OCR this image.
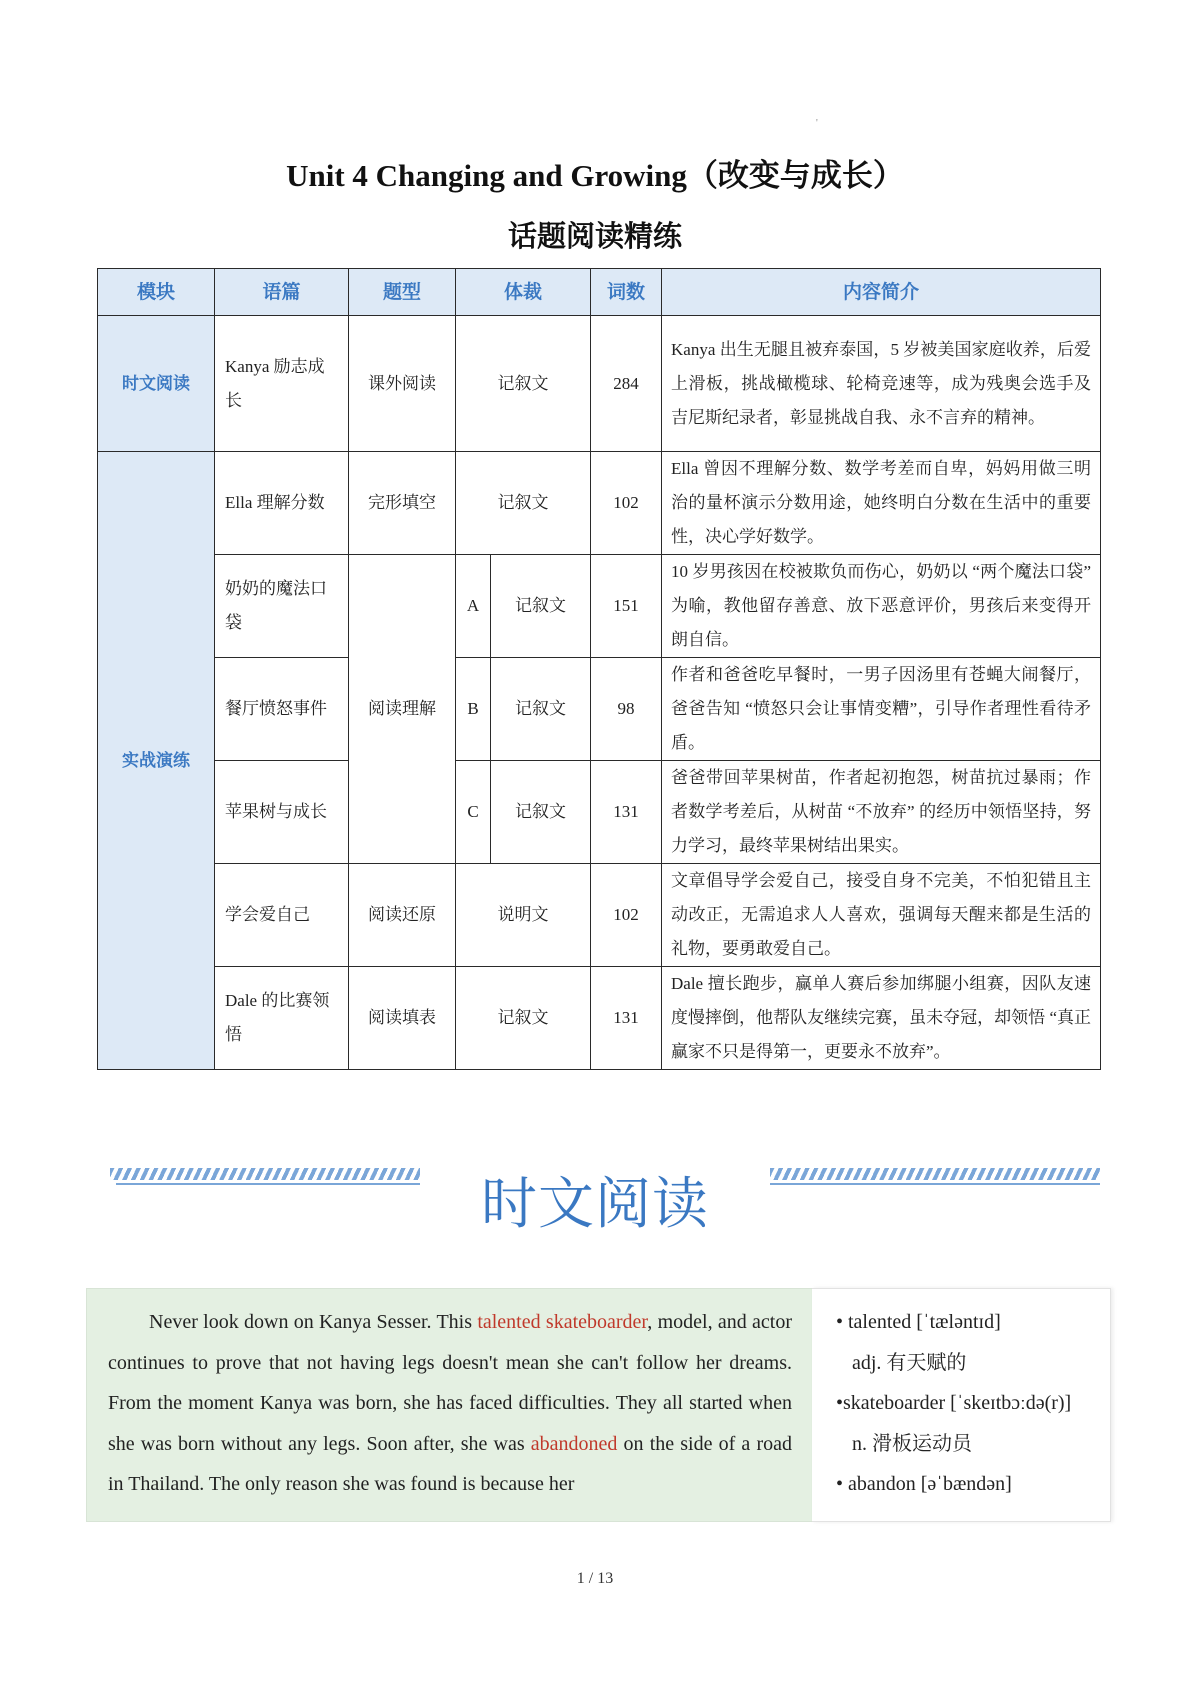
'
Unit 4 Changing and Growing（改变与成长）
话题阅读精练
模块	语篇	题型	体裁		词数	内容简介
时文阅读	Kanya 励志成长	课外阅读	记叙文		284	Kanya 出生无腿且被弃泰国，5 岁被美国家庭收养，后爱上滑板，挑战橄榄球、轮椅竞速等，成为残奥会选手及吉尼斯纪录者，彰显挑战自我、永不言弃的精神。
实战演练	Ella 理解分数	完形填空	记叙文		102	Ella 曾因不理解分数、数学考差而自卑，妈妈用做三明治的量杯演示分数用途，她终明白分数在生活中的重要性，决心学好数学。
	奶奶的魔法口袋	阅读理解	A	记叙文	151	10 岁男孩因在校被欺负而伤心，奶奶以 “两个魔法口袋” 为喻，教他留存善意、放下恶意评价，男孩后来变得开朗自信。
	餐厅愤怒事件		B	记叙文	98	作者和爸爸吃早餐时，一男子因汤里有苍蝇大闹餐厅，爸爸告知 “愤怒只会让事情变糟”，引导作者理性看待矛盾。
	苹果树与成长		C	记叙文	131	爸爸带回苹果树苗，作者起初抱怨，树苗抗过暴雨；作者数学考差后，从树苗 “不放弃” 的经历中领悟坚持，努力学习，最终苹果树结出果实。
	学会爱自己	阅读还原	说明文		102	文章倡导学会爱自己，接受自身不完美，不怕犯错且主动改正，无需追求人人喜欢，强调每天醒来都是生活的礼物，要勇敢爱自己。
	Dale 的比赛领悟	阅读填表	记叙文		131	Dale 擅长跑步，赢单人赛后参加绑腿小组赛，因队友速度慢摔倒，他帮队友继续完赛，虽未夺冠，却领悟 “真正赢家不只是得第一，更要永不放弃”。
时文阅读

Never look down on Kanya Sesser. This talented skateboarder, model, and actor continues to prove that not having legs doesn't mean she can't follow her dreams. From the moment Kanya was born, she has faced difficulties. They all started when she was born without any legs. Soon after, she was abandoned on the side of a road in Thailand. The only reason she was found is because her

• talented [ˈtæləntɪd]
adj. 有天赋的
•skateboarder [ˈskeɪtbɔːdə(r)]
n. 滑板运动员
• abandon [əˈbændən]
1 / 13
